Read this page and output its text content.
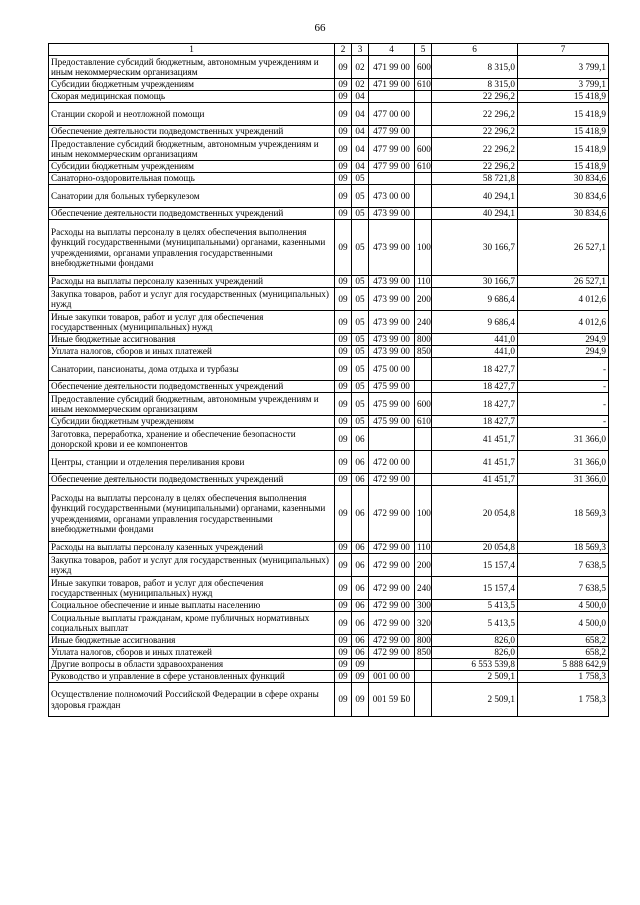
66
1	2	3	4	5	6	7
Предоставление субсидий бюджетным, автономным учреждениям и иным некоммерческим организациям	09	02	471 99 00	600	8 315,0	3 799,1
Субсидии бюджетным учреждениям	09	02	471 99 00	610	8 315,0	3 799,1
Скорая медицинская помощь	09	04			22 296,2	15 418,9
Станции скорой и неотложной помощи	09	04	477 00 00		22 296,2	15 418,9
Обеспечение деятельности подведомственных учреждений	09	04	477 99 00		22 296,2	15 418,9
Предоставление субсидий бюджетным, автономным учреждениям и иным некоммерческим организациям	09	04	477 99 00	600	22 296,2	15 418,9
Субсидии бюджетным учреждениям	09	04	477 99 00	610	22 296,2	15 418,9
Санаторно-оздоровительная помощь	09	05			58 721,8	30 834,6
Санатории для больных туберкулезом	09	05	473 00 00		40 294,1	30 834,6
Обеспечение деятельности подведомственных учреждений	09	05	473 99 00		40 294,1	30 834,6
Расходы на выплаты персоналу в целях обеспечения выполнения функций государственными (муниципальными) органами, казенными учреждениями, органами управления государственными внебюджетными фондами	09	05	473 99 00	100	30 166,7	26 527,1
Расходы на выплаты персоналу казенных учреждений	09	05	473 99 00	110	30 166,7	26 527,1
Закупка товаров, работ и услуг для государственных (муниципальных) нужд	09	05	473 99 00	200	9 686,4	4 012,6
Иные закупки товаров, работ и услуг для обеспечения государственных (муниципальных) нужд	09	05	473 99 00	240	9 686,4	4 012,6
Иные бюджетные ассигнования	09	05	473 99 00	800	441,0	294,9
Уплата налогов, сборов и иных платежей	09	05	473 99 00	850	441,0	294,9
Санатории, пансионаты, дома отдыха и турбазы	09	05	475 00 00		18 427,7	-
Обеспечение деятельности подведомственных учреждений	09	05	475 99 00		18 427,7	-
Предоставление субсидий бюджетным, автономным учреждениям и иным некоммерческим организациям	09	05	475 99 00	600	18 427,7	-
Субсидии бюджетным учреждениям	09	05	475 99 00	610	18 427,7	-
Заготовка, переработка, хранение и обеспечение безопасности донорской крови и ее компонентов	09	06			41 451,7	31 366,0
Центры, станции и отделения переливания крови	09	06	472 00 00		41 451,7	31 366,0
Обеспечение деятельности подведомственных учреждений	09	06	472 99 00		41 451,7	31 366,0
Расходы на выплаты персоналу в целях обеспечения выполнения функций государственными (муниципальными) органами, казенными учреждениями, органами управления государственными внебюджетными фондами	09	06	472 99 00	100	20 054,8	18 569,3
Расходы на выплаты персоналу казенных учреждений	09	06	472 99 00	110	20 054,8	18 569,3
Закупка товаров, работ и услуг для государственных (муниципальных) нужд	09	06	472 99 00	200	15 157,4	7 638,5
Иные закупки товаров, работ и услуг для обеспечения государственных (муниципальных) нужд	09	06	472 99 00	240	15 157,4	7 638,5
Социальное обеспечение и иные выплаты населению	09	06	472 99 00	300	5 413,5	4 500,0
Социальные выплаты гражданам, кроме публичных нормативных социальных выплат	09	06	472 99 00	320	5 413,5	4 500,0
Иные бюджетные ассигнования	09	06	472 99 00	800	826,0	658,2
Уплата налогов, сборов и иных платежей	09	06	472 99 00	850	826,0	658,2
Другие вопросы в области здравоохранения	09	09			6 553 539,8	5 888 642,9
Руководство и управление в сфере установленных функций	09	09	001 00 00		2 509,1	1 758,3
Осуществление полномочий Российской Федерации в сфере охраны здоровья граждан	09	09	001 59 Б0		2 509,1	1 758,3
